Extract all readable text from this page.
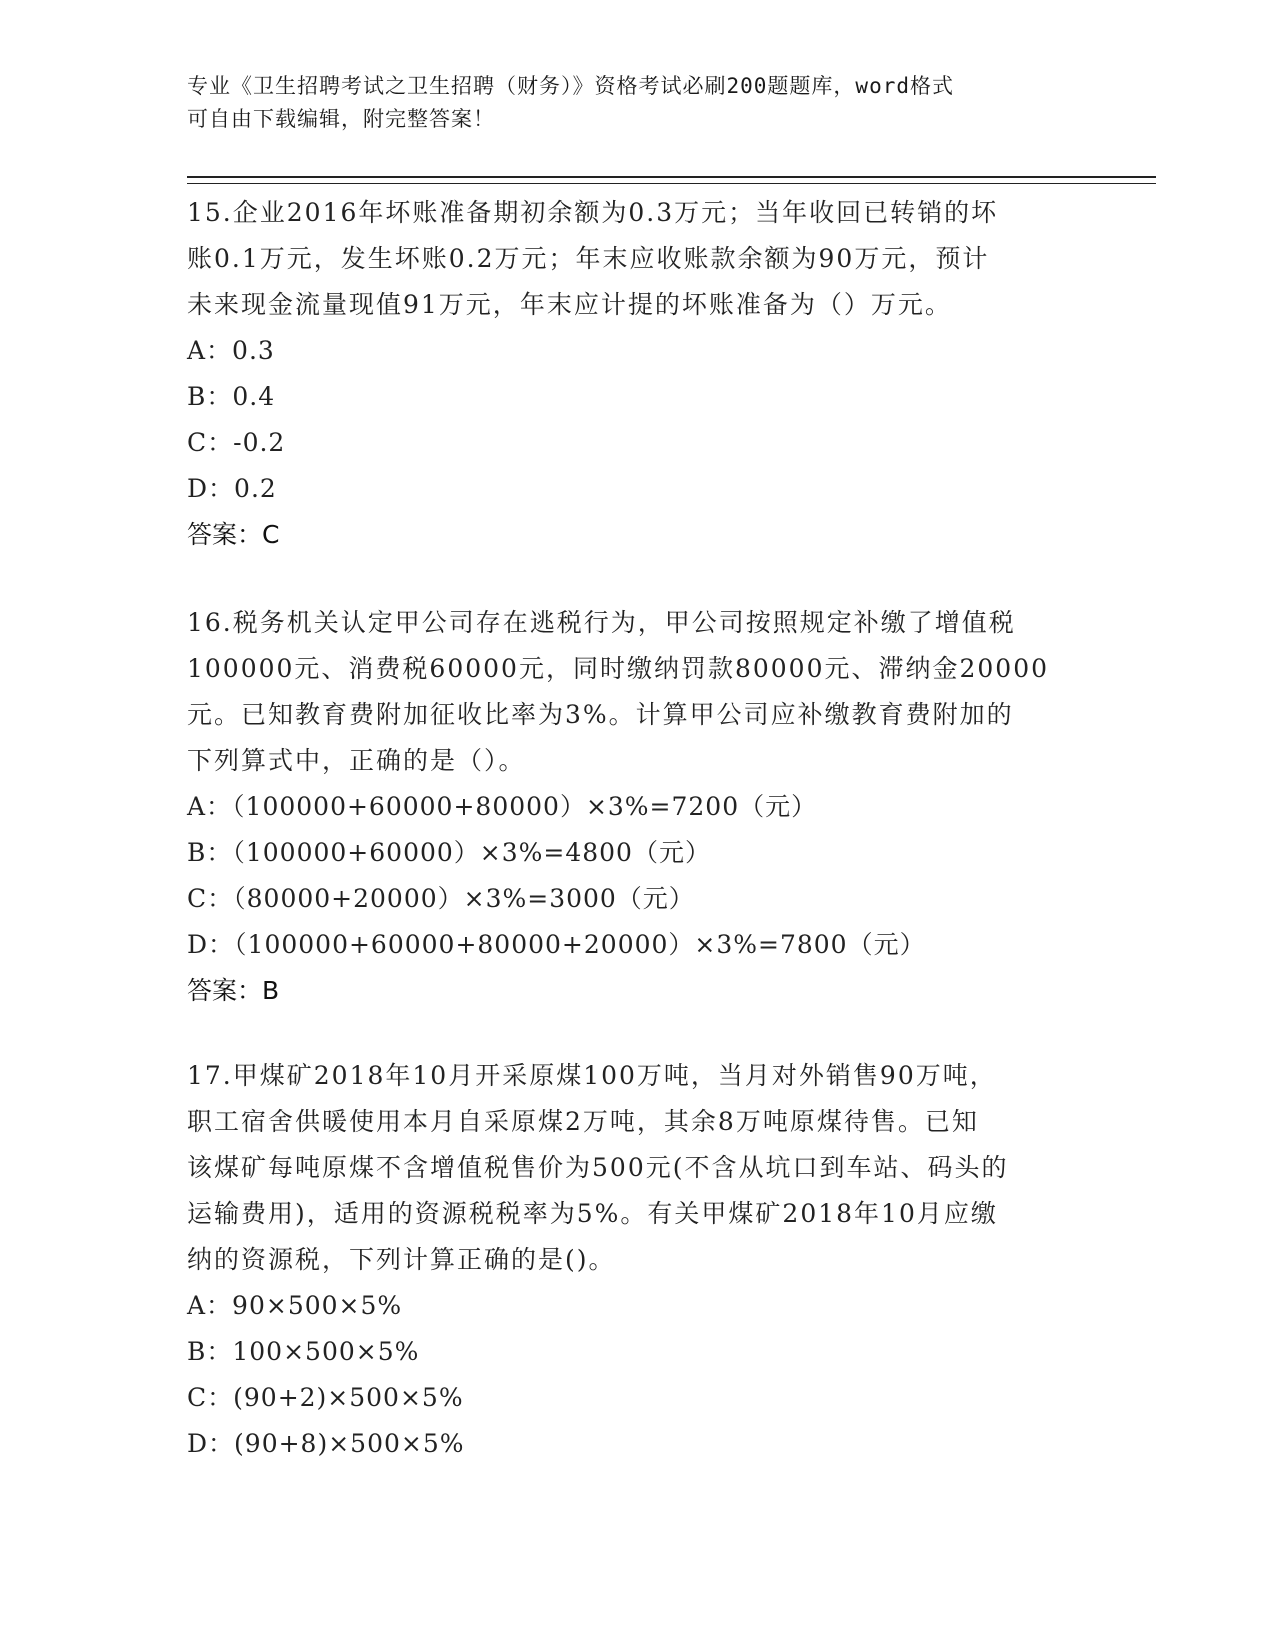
专业《卫生招聘考试之卫生招聘（财务）》资格考试必刷200题题库，word格式
可自由下载编辑，附完整答案！
15.企业2016年坏账准备期初余额为0.3万元；当年收回已转销的坏
账0.1万元，发生坏账0.2万元；年末应收账款余额为90万元，预计
未来现金流量现值91万元，年末应计提的坏账准备为（）万元。
A：0.3
B：0.4
C：-0.2
D：0.2
答案：C
16.税务机关认定甲公司存在逃税行为，甲公司按照规定补缴了增值税
100000元、消费税60000元，同时缴纳罚款80000元、滞纳金20000
元。已知教育费附加征收比率为3%。计算甲公司应补缴教育费附加的
下列算式中，正确的是（）。
A：（100000+60000+80000）×3%=7200（元）
B：（100000+60000）×3%=4800（元）
C：（80000+20000）×3%=3000（元）
D：（100000+60000+80000+20000）×3%=7800（元）
答案：B
17.甲煤矿2018年10月开采原煤100万吨，当月对外销售90万吨，
职工宿舍供暖使用本月自采原煤2万吨，其余8万吨原煤待售。已知
该煤矿每吨原煤不含增值税售价为500元(不含从坑口到车站、码头的
运输费用)，适用的资源税税率为5%。有关甲煤矿2018年10月应缴
纳的资源税，下列计算正确的是()。
A：90×500×5%
B：100×500×5%
C：(90+2)×500×5%
D：(90+8)×500×5%
